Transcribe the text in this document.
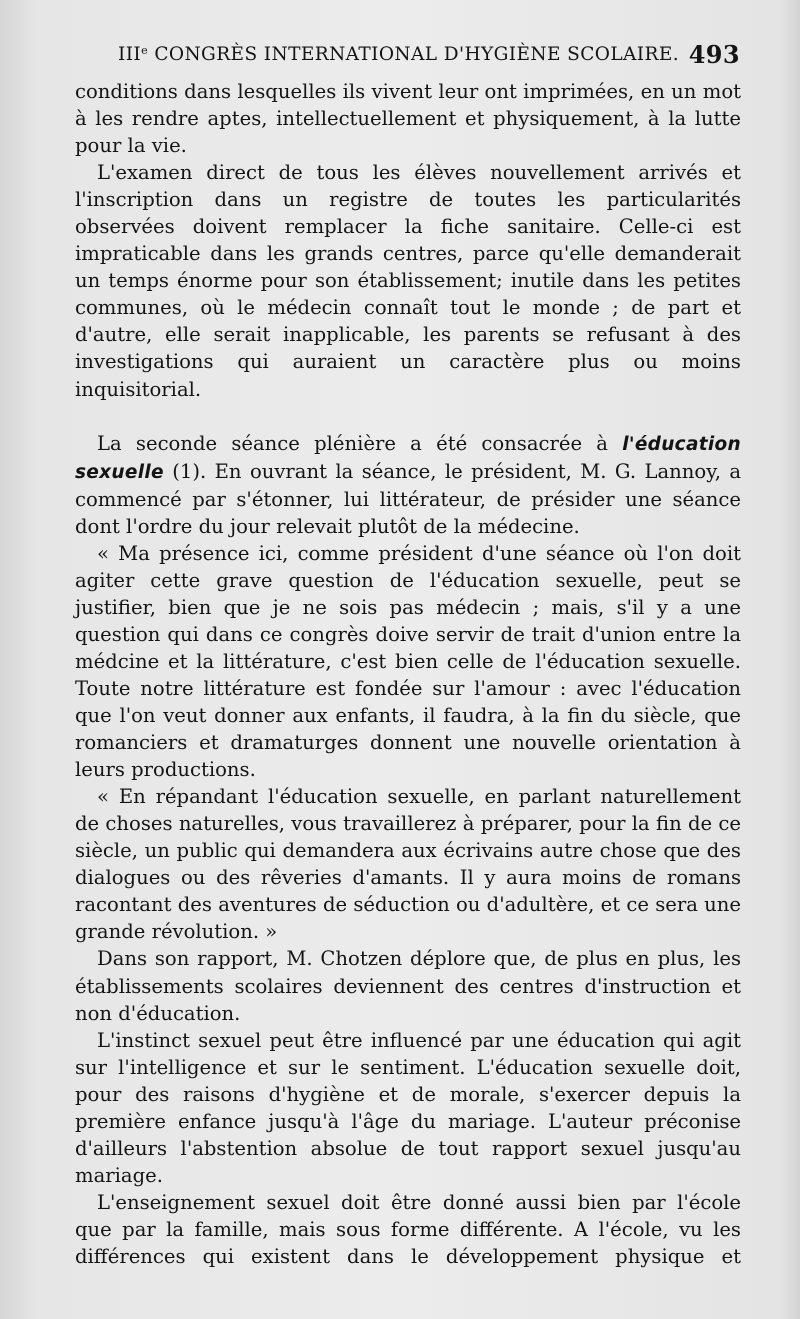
IIIe CONGRÈS INTERNATIONAL D'HYGIÈNE SCOLAIRE. 493

conditions dans lesquelles ils vivent leur ont imprimées, en un mot à les rendre aptes, intellectuellement et physiquement, à la lutte pour la vie.

L'examen direct de tous les élèves nouvellement arrivés et l'inscription dans un registre de toutes les particularités observées doivent remplacer la fiche sanitaire. Celle-ci est impraticable dans les grands centres, parce qu'elle demanderait un temps énorme pour son établissement; inutile dans les petites communes, où le médecin connaît tout le monde ; de part et d'autre, elle serait inapplicable, les parents se refusant à des investigations qui auraient un caractère plus ou moins inquisitorial.

La seconde séance plénière a été consacrée à l'éducation sexuelle (1). En ouvrant la séance, le président, M. G. Lannoy, a commencé par s'étonner, lui littérateur, de présider une séance dont l'ordre du jour relevait plutôt de la médecine.

« Ma présence ici, comme président d'une séance où l'on doit agiter cette grave question de l'éducation sexuelle, peut se justifier, bien que je ne sois pas médecin ; mais, s'il y a une question qui dans ce congrès doive servir de trait d'union entre la médcine et la littérature, c'est bien celle de l'éducation sexuelle. Toute notre littérature est fondée sur l'amour : avec l'éducation que l'on veut donner aux enfants, il faudra, à la fin du siècle, que romanciers et dramaturges donnent une nouvelle orientation à leurs productions.

« En répandant l'éducation sexuelle, en parlant naturellement de choses naturelles, vous travaillerez à préparer, pour la fin de ce siècle, un public qui demandera aux écrivains autre chose que des dialogues ou des rêveries d'amants. Il y aura moins de romans racontant des aventures de séduction ou d'adultère, et ce sera une grande révolution. »

Dans son rapport, M. Chotzen déplore que, de plus en plus, les établissements scolaires deviennent des centres d'instruction et non d'éducation.

L'instinct sexuel peut être influencé par une éducation qui agit sur l'intelligence et sur le sentiment. L'éducation sexuelle doit, pour des raisons d'hygiène et de morale, s'exercer depuis la première enfance jusqu'à l'âge du mariage. L'auteur préconise d'ailleurs l'abstention absolue de tout rapport sexuel jusqu'au mariage.

L'enseignement sexuel doit être donné aussi bien par l'école que par la famille, mais sous forme différente. A l'école, vu les différences qui existent dans le développement physique et
